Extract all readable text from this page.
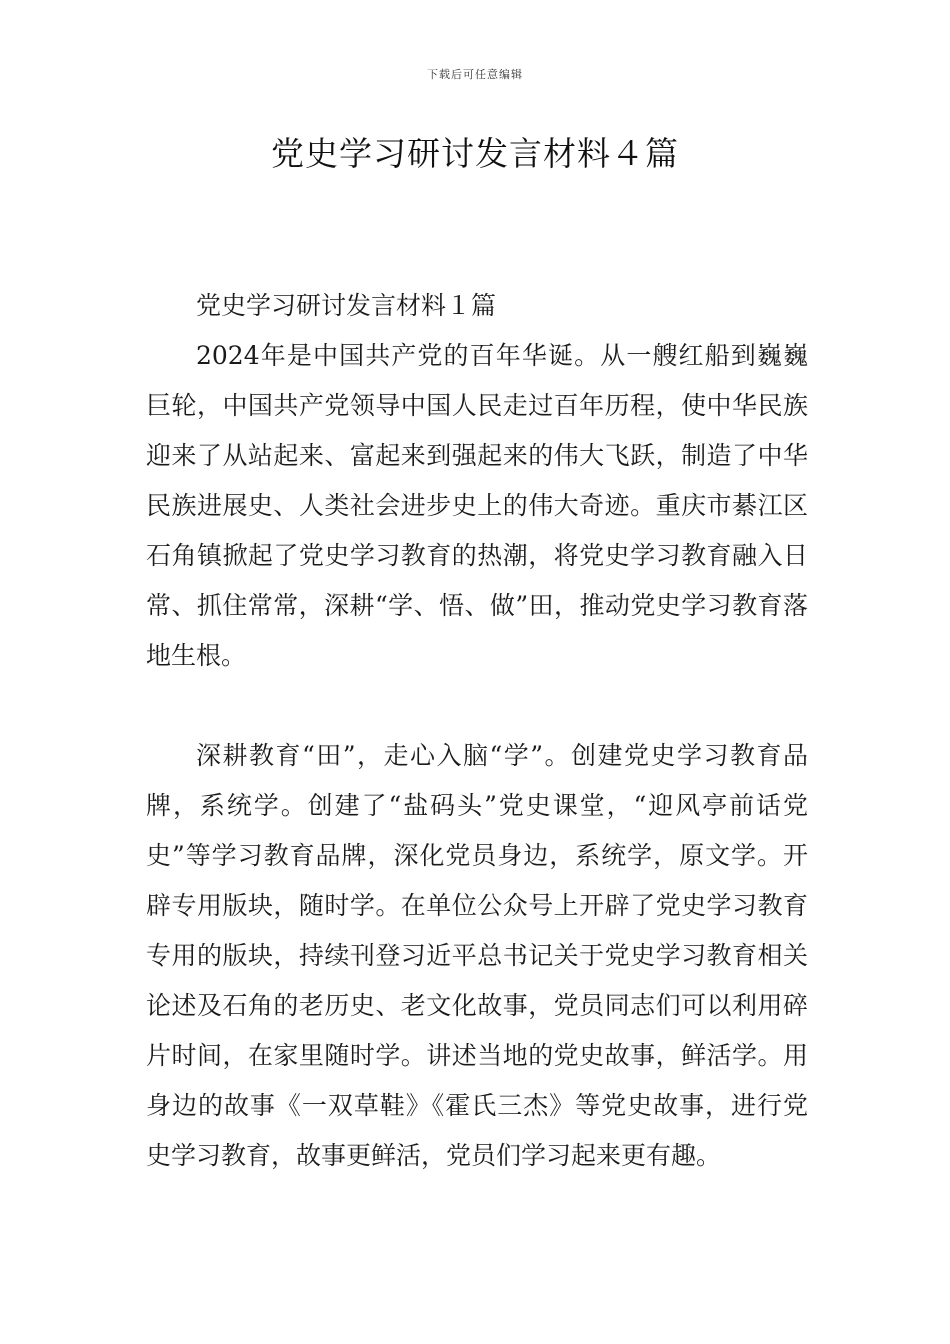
下载后可任意编辑
党史学习研讨发言材料４篇

党史学习研讨发言材料１篇

2024年是中国共产党的百年华诞。从一艘红船到巍巍巨轮，中国共产党领导中国人民走过百年历程，使中华民族迎来了从站起来、富起来到强起来的伟大飞跃，制造了中华民族进展史、人类社会进步史上的伟大奇迹。重庆市綦江区石角镇掀起了党史学习教育的热潮，将党史学习教育融入日常、抓住常常，深耕“学、悟、做”田，推动党史学习教育落地生根。

深耕教育“田”，走心入脑“学”。创建党史学习教育品牌，系统学。创建了“盐码头”党史课堂，“迎风亭前话党史”等学习教育品牌，深化党员身边，系统学，原文学。开辟专用版块，随时学。在单位公众号上开辟了党史学习教育专用的版块，持续刊登习近平总书记关于党史学习教育相关论述及石角的老历史、老文化故事，党员同志们可以利用碎片时间，在家里随时学。讲述当地的党史故事，鲜活学。用身边的故事《一双草鞋》《霍氏三杰》等党史故事，进行党史学习教育，故事更鲜活，党员们学习起来更有趣。
